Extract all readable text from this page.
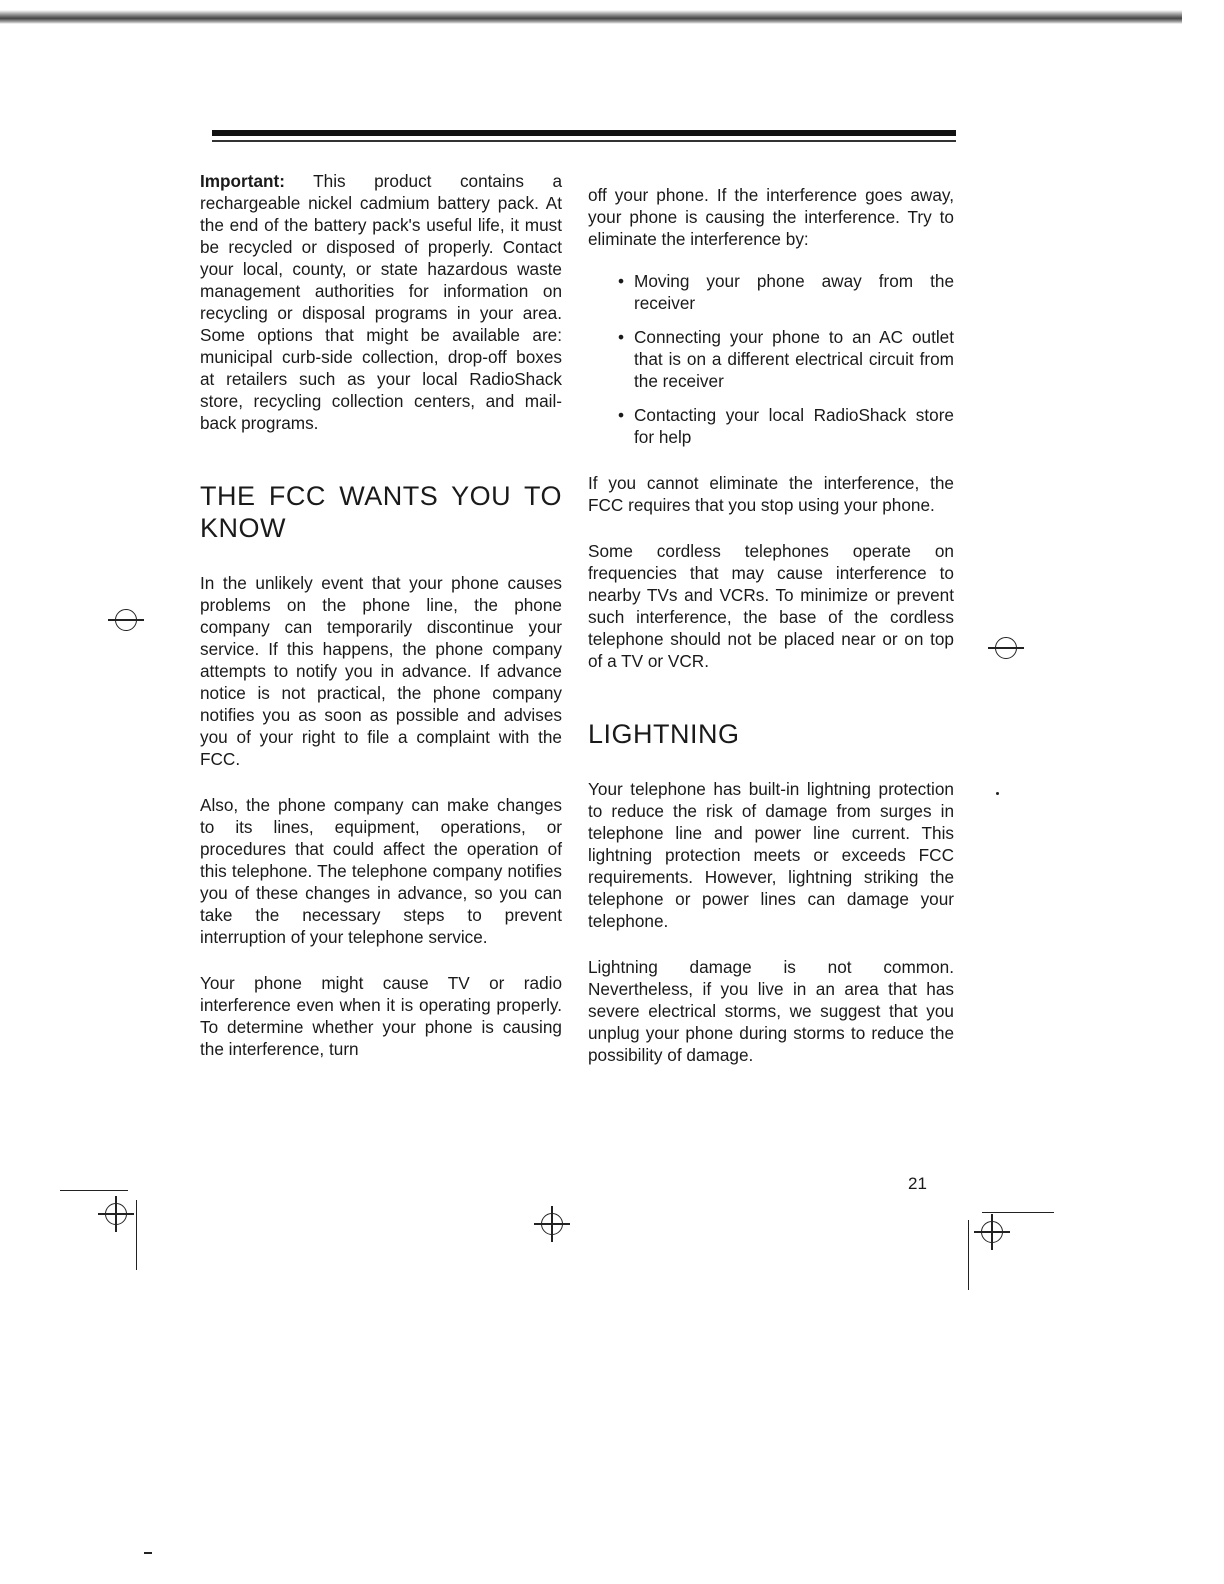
Important: This product contains a rechargeable nickel cadmium battery pack. At the end of the battery pack's useful life, it must be recycled or disposed of properly. Contact your local, county, or state hazardous waste management authorities for information on recycling or disposal programs in your area. Some options that might be available are: municipal curb-side collection, drop-off boxes at retailers such as your local RadioShack store, recycling collection centers, and mail-back programs.

THE FCC WANTS YOU TO KNOW

In the unlikely event that your phone causes problems on the phone line, the phone company can temporarily discontinue your service. If this happens, the phone company attempts to notify you in advance. If advance notice is not practical, the phone company notifies you as soon as possible and advises you of your right to file a complaint with the FCC.

Also, the phone company can make changes to its lines, equipment, operations, or procedures that could affect the operation of this telephone. The telephone company notifies you of these changes in advance, so you can take the necessary steps to prevent interruption of your telephone service.

Your phone might cause TV or radio interference even when it is operating properly. To determine whether your phone is causing the interference, turn

off your phone. If the interference goes away, your phone is causing the interference. Try to eliminate the interference by:

• Moving your phone away from the receiver
• Connecting your phone to an AC outlet that is on a different electrical circuit from the receiver
• Contacting your local RadioShack store for help

If you cannot eliminate the interference, the FCC requires that you stop using your phone.

Some cordless telephones operate on frequencies that may cause interference to nearby TVs and VCRs. To minimize or prevent such interference, the base of the cordless telephone should not be placed near or on top of a TV or VCR.

LIGHTNING

Your telephone has built-in lightning protection to reduce the risk of damage from surges in telephone line and power line current. This lightning protection meets or exceeds FCC requirements. However, lightning striking the telephone or power lines can damage your telephone.

Lightning damage is not common. Nevertheless, if you live in an area that has severe electrical storms, we suggest that you unplug your phone during storms to reduce the possibility of damage.

21
